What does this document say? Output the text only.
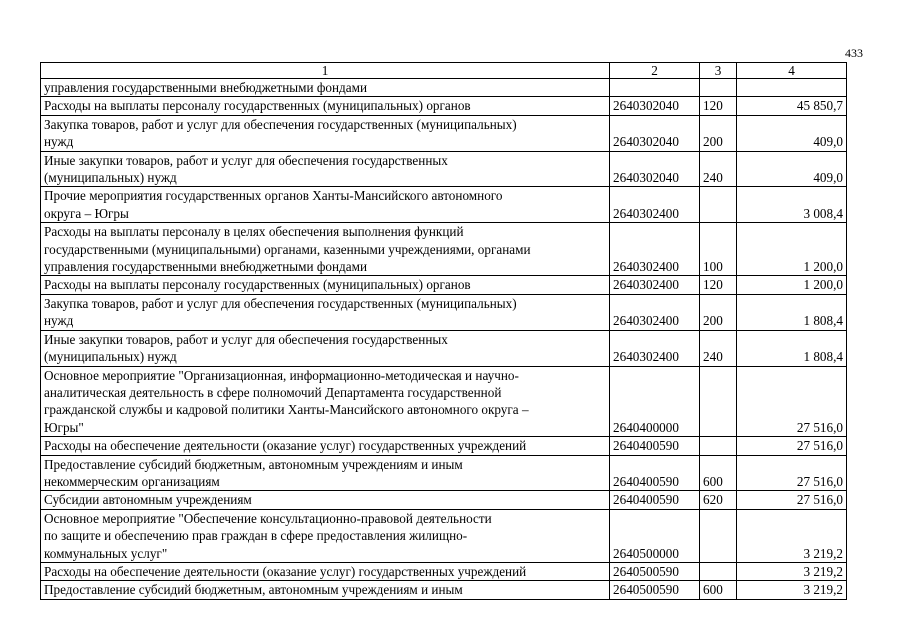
433
1	2	3	4
управления государственными внебюджетными фондами			
Расходы на выплаты персоналу государственных (муниципальных) органов	2640302040	120	45 850,7
Закупка товаров, работ и услуг для обеспечения государственных (муниципальных)
нужд	2640302040	200	409,0
Иные закупки товаров, работ и услуг для обеспечения государственных
(муниципальных) нужд	2640302040	240	409,0
Прочие мероприятия государственных органов Ханты-Мансийского автономного
округа – Югры	2640302400		3 008,4
Расходы на выплаты персоналу в целях обеспечения выполнения функций
государственными (муниципальными) органами, казенными учреждениями, органами
управления государственными внебюджетными фондами	2640302400	100	1 200,0
Расходы на выплаты персоналу государственных (муниципальных) органов	2640302400	120	1 200,0
Закупка товаров, работ и услуг для обеспечения государственных (муниципальных)
нужд	2640302400	200	1 808,4
Иные закупки товаров, работ и услуг для обеспечения государственных
(муниципальных) нужд	2640302400	240	1 808,4
Основное мероприятие "Организационная, информационно-методическая и научно-
аналитическая деятельность в сфере полномочий Департамента государственной
гражданской службы и кадровой политики Ханты-Мансийского автономного округа –
Югры"	2640400000		27 516,0
Расходы на обеспечение деятельности (оказание услуг) государственных учреждений	2640400590		27 516,0
Предоставление субсидий бюджетным, автономным учреждениям и иным
некоммерческим организациям	2640400590	600	27 516,0
Субсидии автономным учреждениям	2640400590	620	27 516,0
Основное мероприятие "Обеспечение консультационно-правовой деятельности
по защите и обеспечению прав граждан в сфере предоставления жилищно-
коммунальных услуг"	2640500000		3 219,2
Расходы на обеспечение деятельности (оказание услуг) государственных учреждений	2640500590		3 219,2
Предоставление субсидий бюджетным, автономным учреждениям и иным	2640500590	600	3 219,2
